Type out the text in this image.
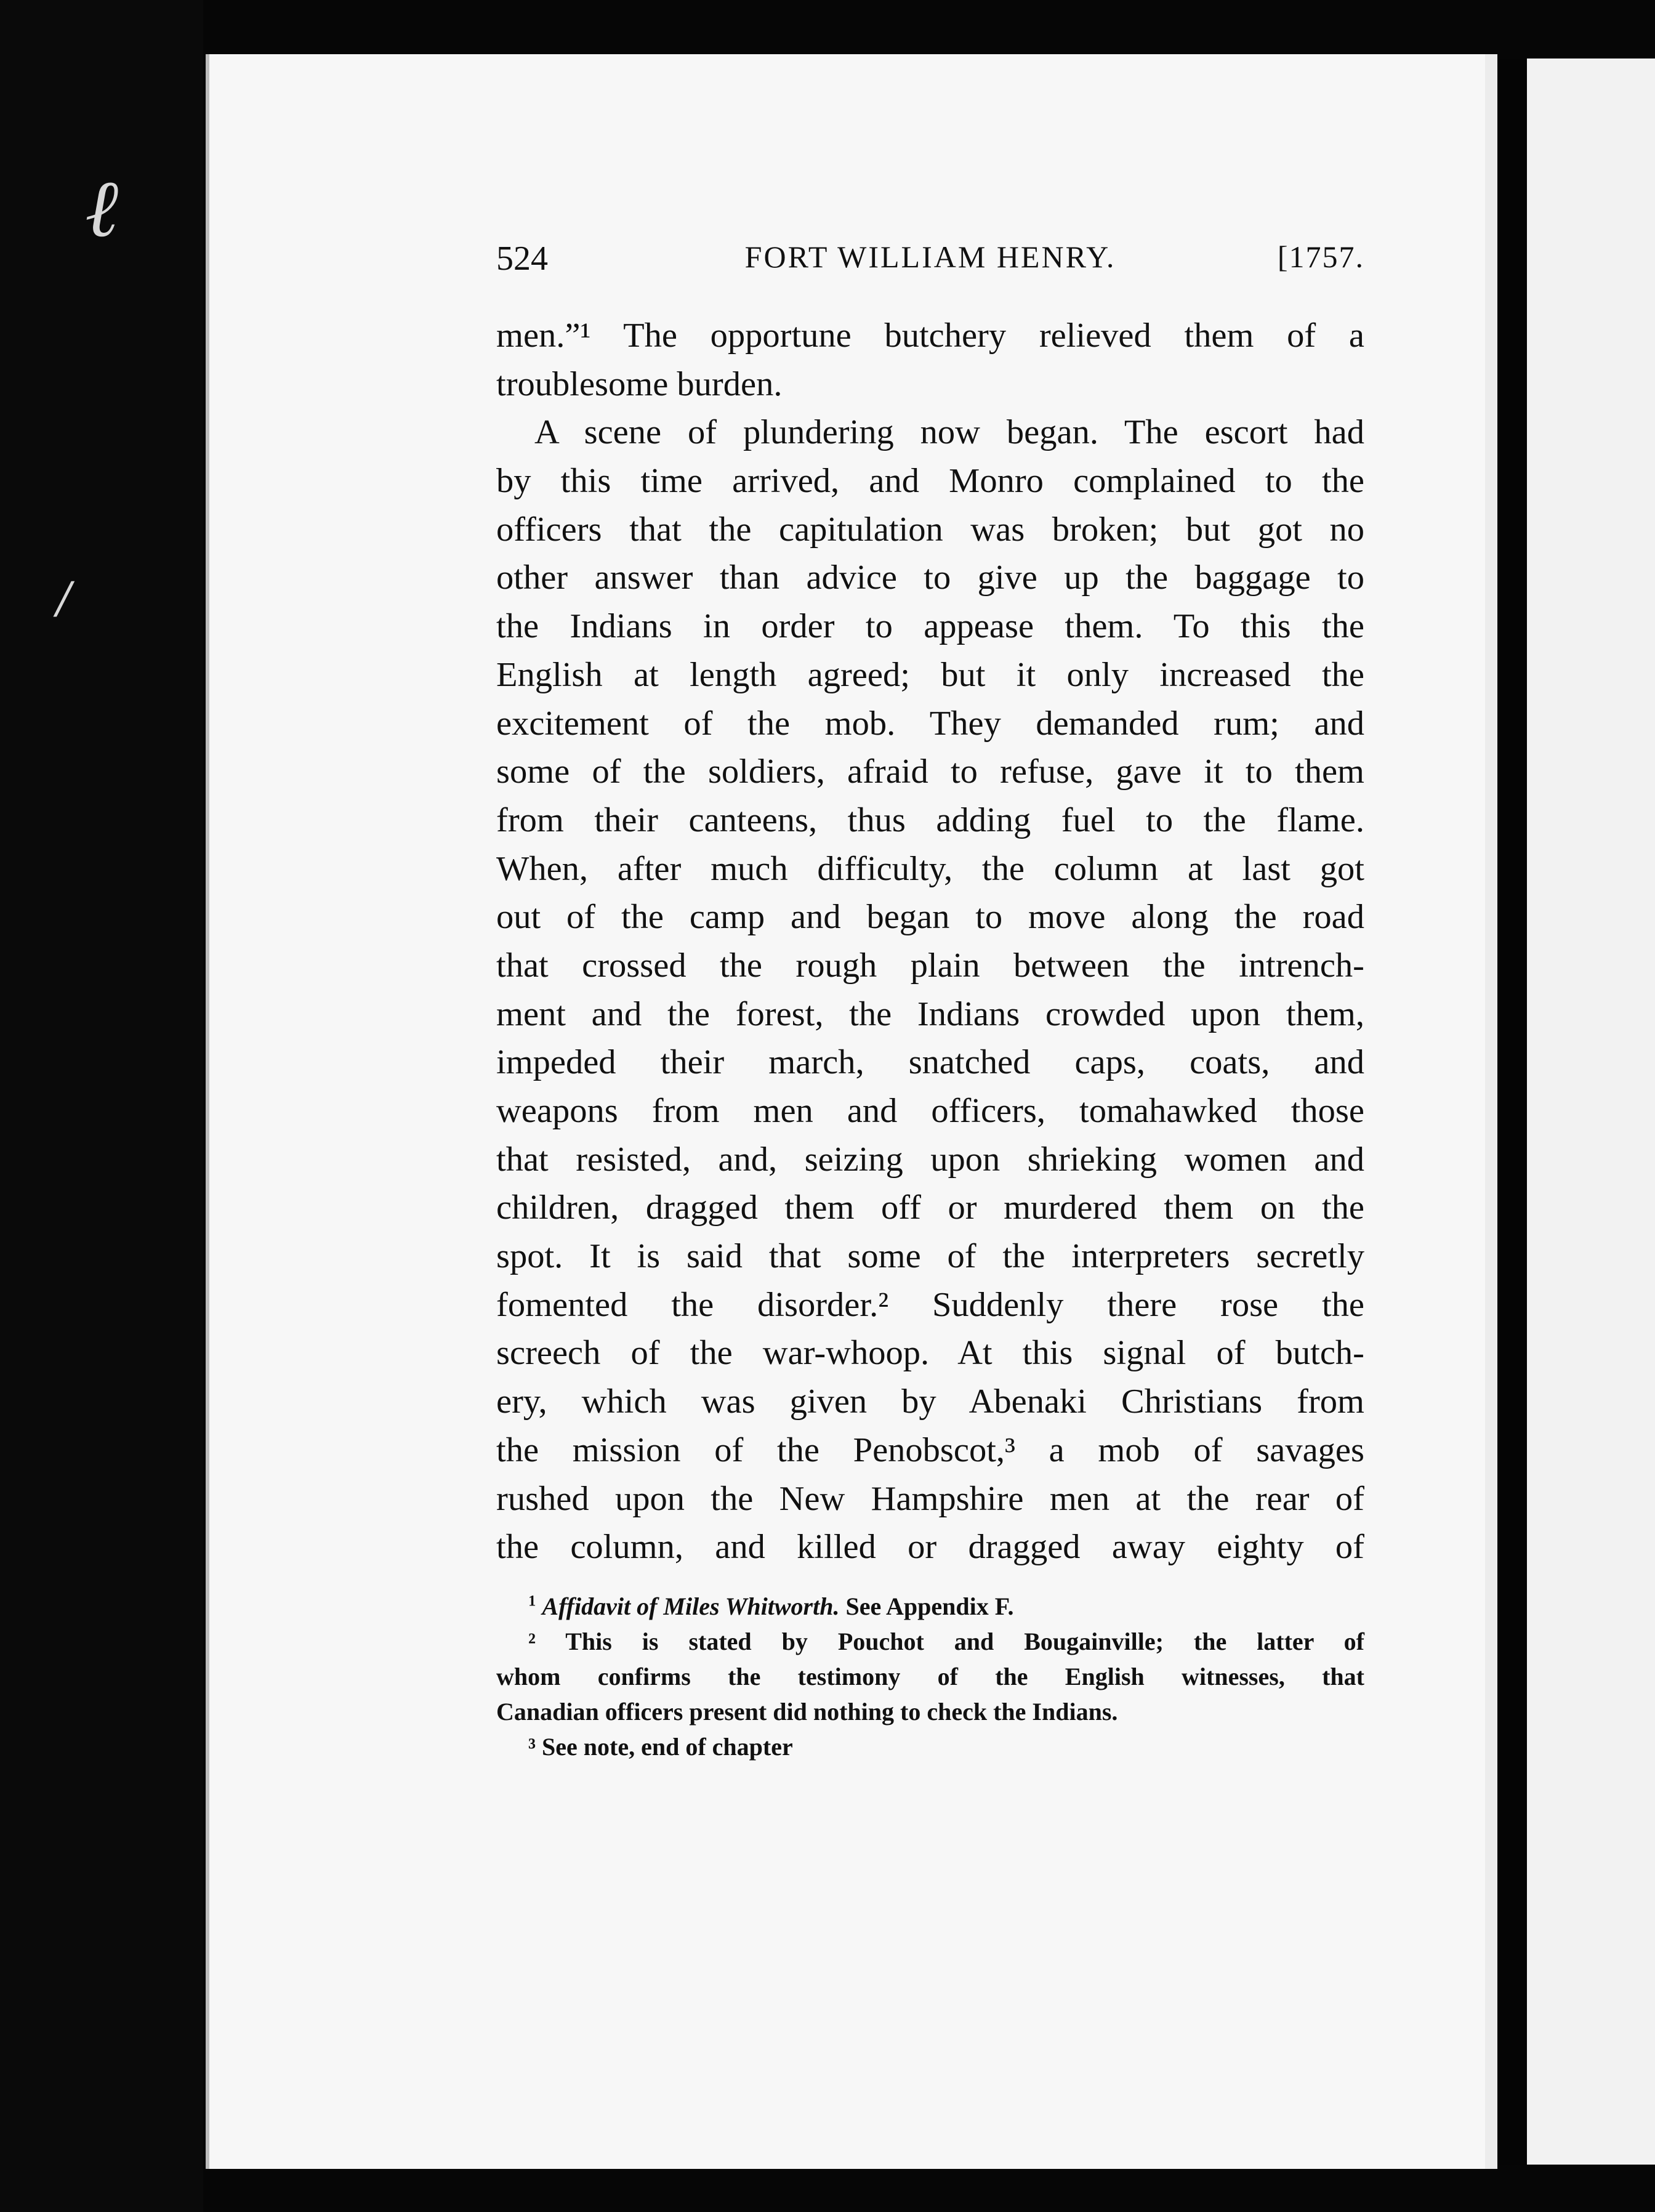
ℓ
/
524	FORT WILLIAM HENRY.	[1757.
men.”¹ The opportune butchery relieved them of a
troublesome burden.
A scene of plundering now began. The escort had
by this time arrived, and Monro complained to the
officers that the capitulation was broken; but got no
other answer than advice to give up the baggage to
the Indians in order to appease them. To this the
English at length agreed; but it only increased the
excitement of the mob. They demanded rum; and
some of the soldiers, afraid to refuse, gave it to them
from their canteens, thus adding fuel to the flame.
When, after much difficulty, the column at last got
out of the camp and began to move along the road
that crossed the rough plain between the intrench-
ment and the forest, the Indians crowded upon them,
impeded their march, snatched caps, coats, and
weapons from men and officers, tomahawked those
that resisted, and, seizing upon shrieking women and
children, dragged them off or murdered them on the
spot. It is said that some of the interpreters secretly
fomented the disorder.² Suddenly there rose the
screech of the war-whoop. At this signal of butch-
ery, which was given by Abenaki Christians from
the mission of the Penobscot,³ a mob of savages
rushed upon the New Hampshire men at the rear of
the column, and killed or dragged away eighty of
$^1$ Affidavit of Miles Whitworth. See Appendix F.
² This is stated by Pouchot and Bougainville; the latter of
whom confirms the testimony of the English witnesses, that
Canadian officers present did nothing to check the Indians.
³ See note, end of chapter
